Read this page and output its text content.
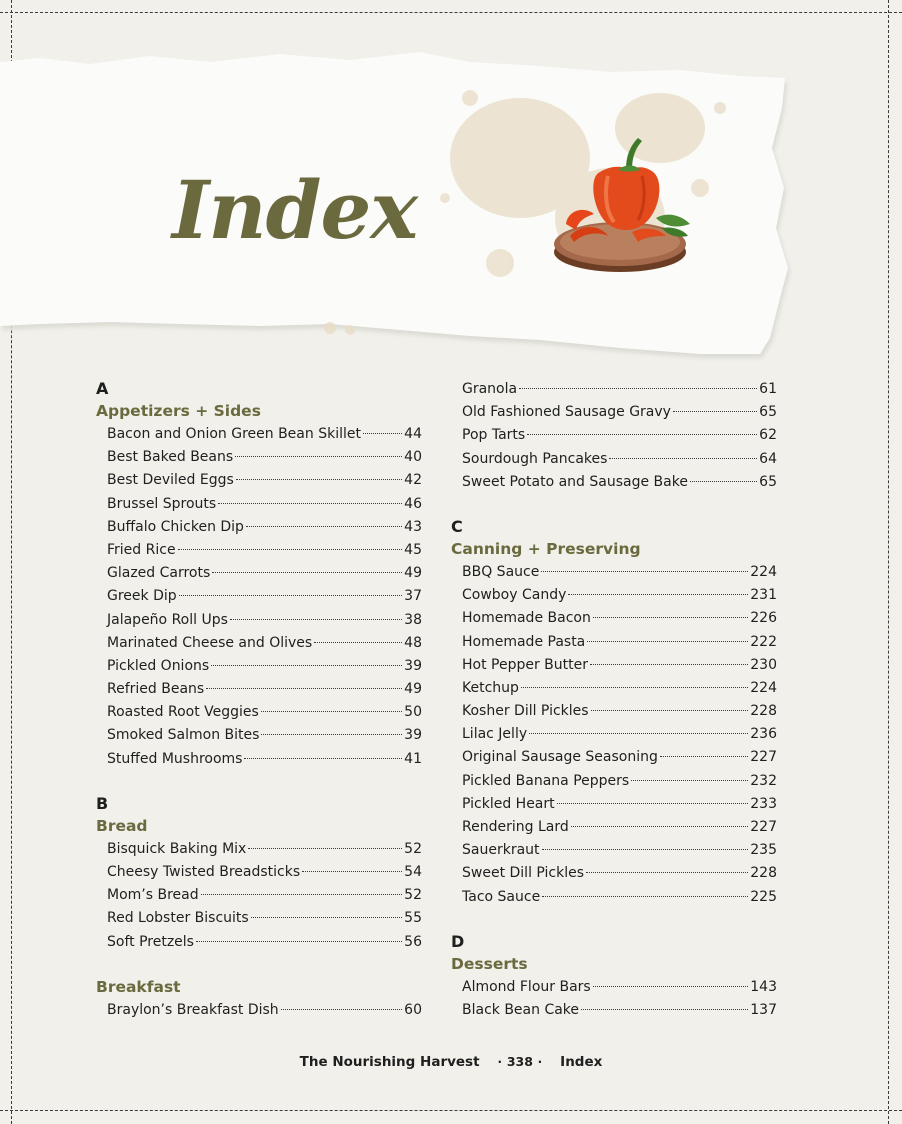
Index
A
Appetizers + Sides
Bacon and Onion Green Bean Skillet	44
Best Baked Beans	40
Best Deviled Eggs	42
Brussel Sprouts	46
Buffalo Chicken Dip	43
Fried Rice	45
Glazed Carrots	49
Greek Dip	37
Jalapeño Roll Ups	38
Marinated Cheese and Olives	48
Pickled Onions	39
Refried Beans	49
Roasted Root Veggies	50
Smoked Salmon Bites	39
Stuffed Mushrooms	41
B
Bread
Bisquick Baking Mix	52
Cheesy Twisted Breadsticks	54
Mom’s Bread	52
Red Lobster Biscuits	55
Soft Pretzels	56
Breakfast
Braylon’s Breakfast Dish	60
Granola	61
Old Fashioned Sausage Gravy	65
Pop Tarts	62
Sourdough Pancakes	64
Sweet Potato and Sausage Bake	65
C
Canning + Preserving
BBQ Sauce	224
Cowboy Candy	231
Homemade Bacon	226
Homemade Pasta	222
Hot Pepper Butter	230
Ketchup	224
Kosher Dill Pickles	228
Lilac Jelly	236
Original Sausage Seasoning	227
Pickled Banana Peppers	232
Pickled Heart	233
Rendering Lard	227
Sauerkraut	235
Sweet Dill Pickles	228
Taco Sauce	225
D
Desserts
Almond Flour Bars	143
Black Bean Cake	137
The Nourishing Harvest · 338 · Index
